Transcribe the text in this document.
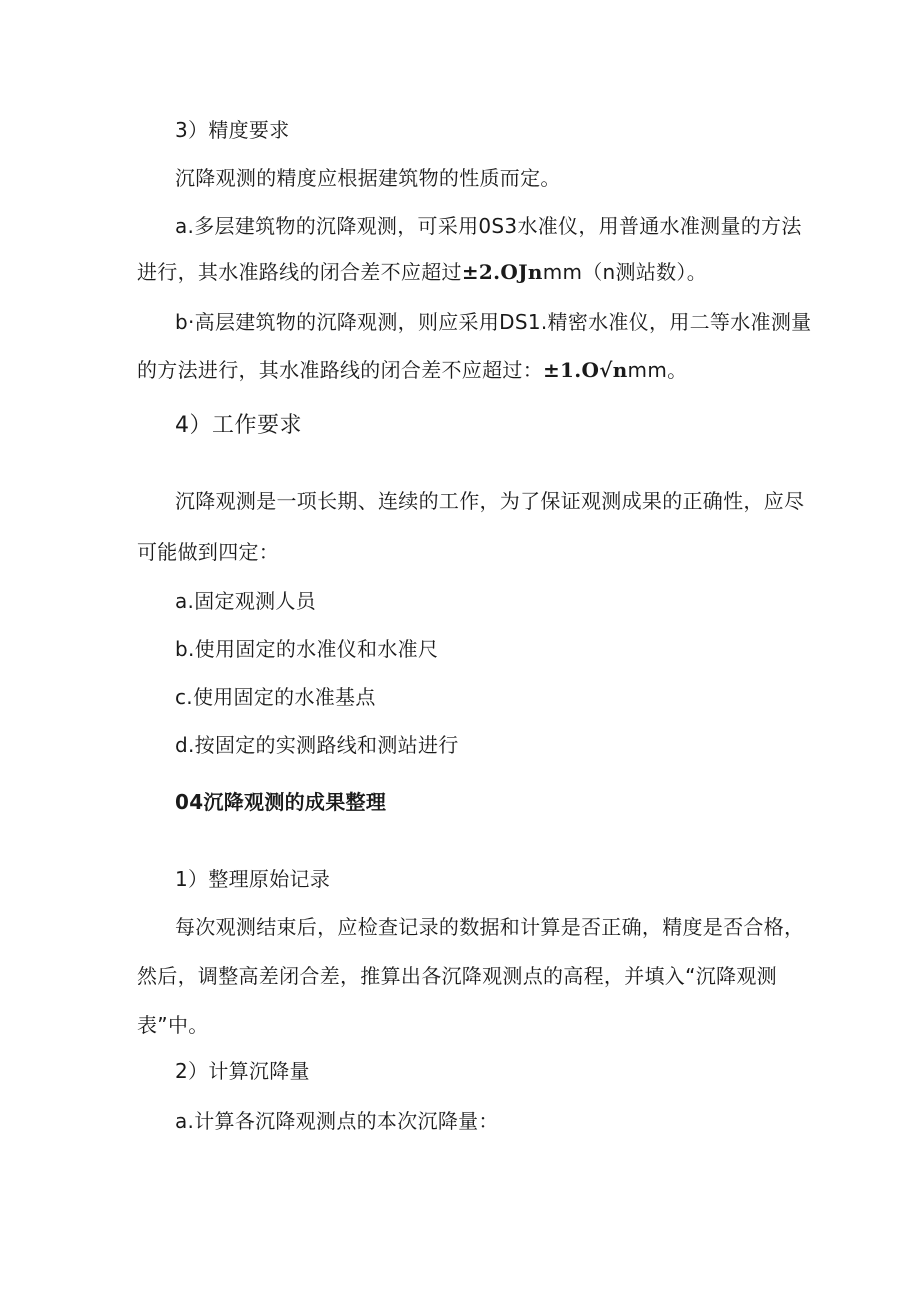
3）精度要求
沉降观测的精度应根据建筑物的性质而定。
a.多层建筑物的沉降观测，可采用0S3水准仪，用普通水准测量的方法
进行，其水准路线的闭合差不应超过±2.OJnmm（n测站数）。
b·高层建筑物的沉降观测，则应采用DS1.精密水准仪，用二等水准测量
的方法进行，其水准路线的闭合差不应超过：±1.O√nmm。
4）工作要求
沉降观测是一项长期、连续的工作，为了保证观测成果的正确性，应尽
可能做到四定：
a.固定观测人员
b.使用固定的水准仪和水准尺
c.使用固定的水准基点
d.按固定的实测路线和测站进行
04沉降观测的成果整理
1）整理原始记录
每次观测结束后，应检查记录的数据和计算是否正确，精度是否合格，
然后，调整高差闭合差，推算出各沉降观测点的高程，并填入“沉降观测
表”中。
2）计算沉降量
a.计算各沉降观测点的本次沉降量：
